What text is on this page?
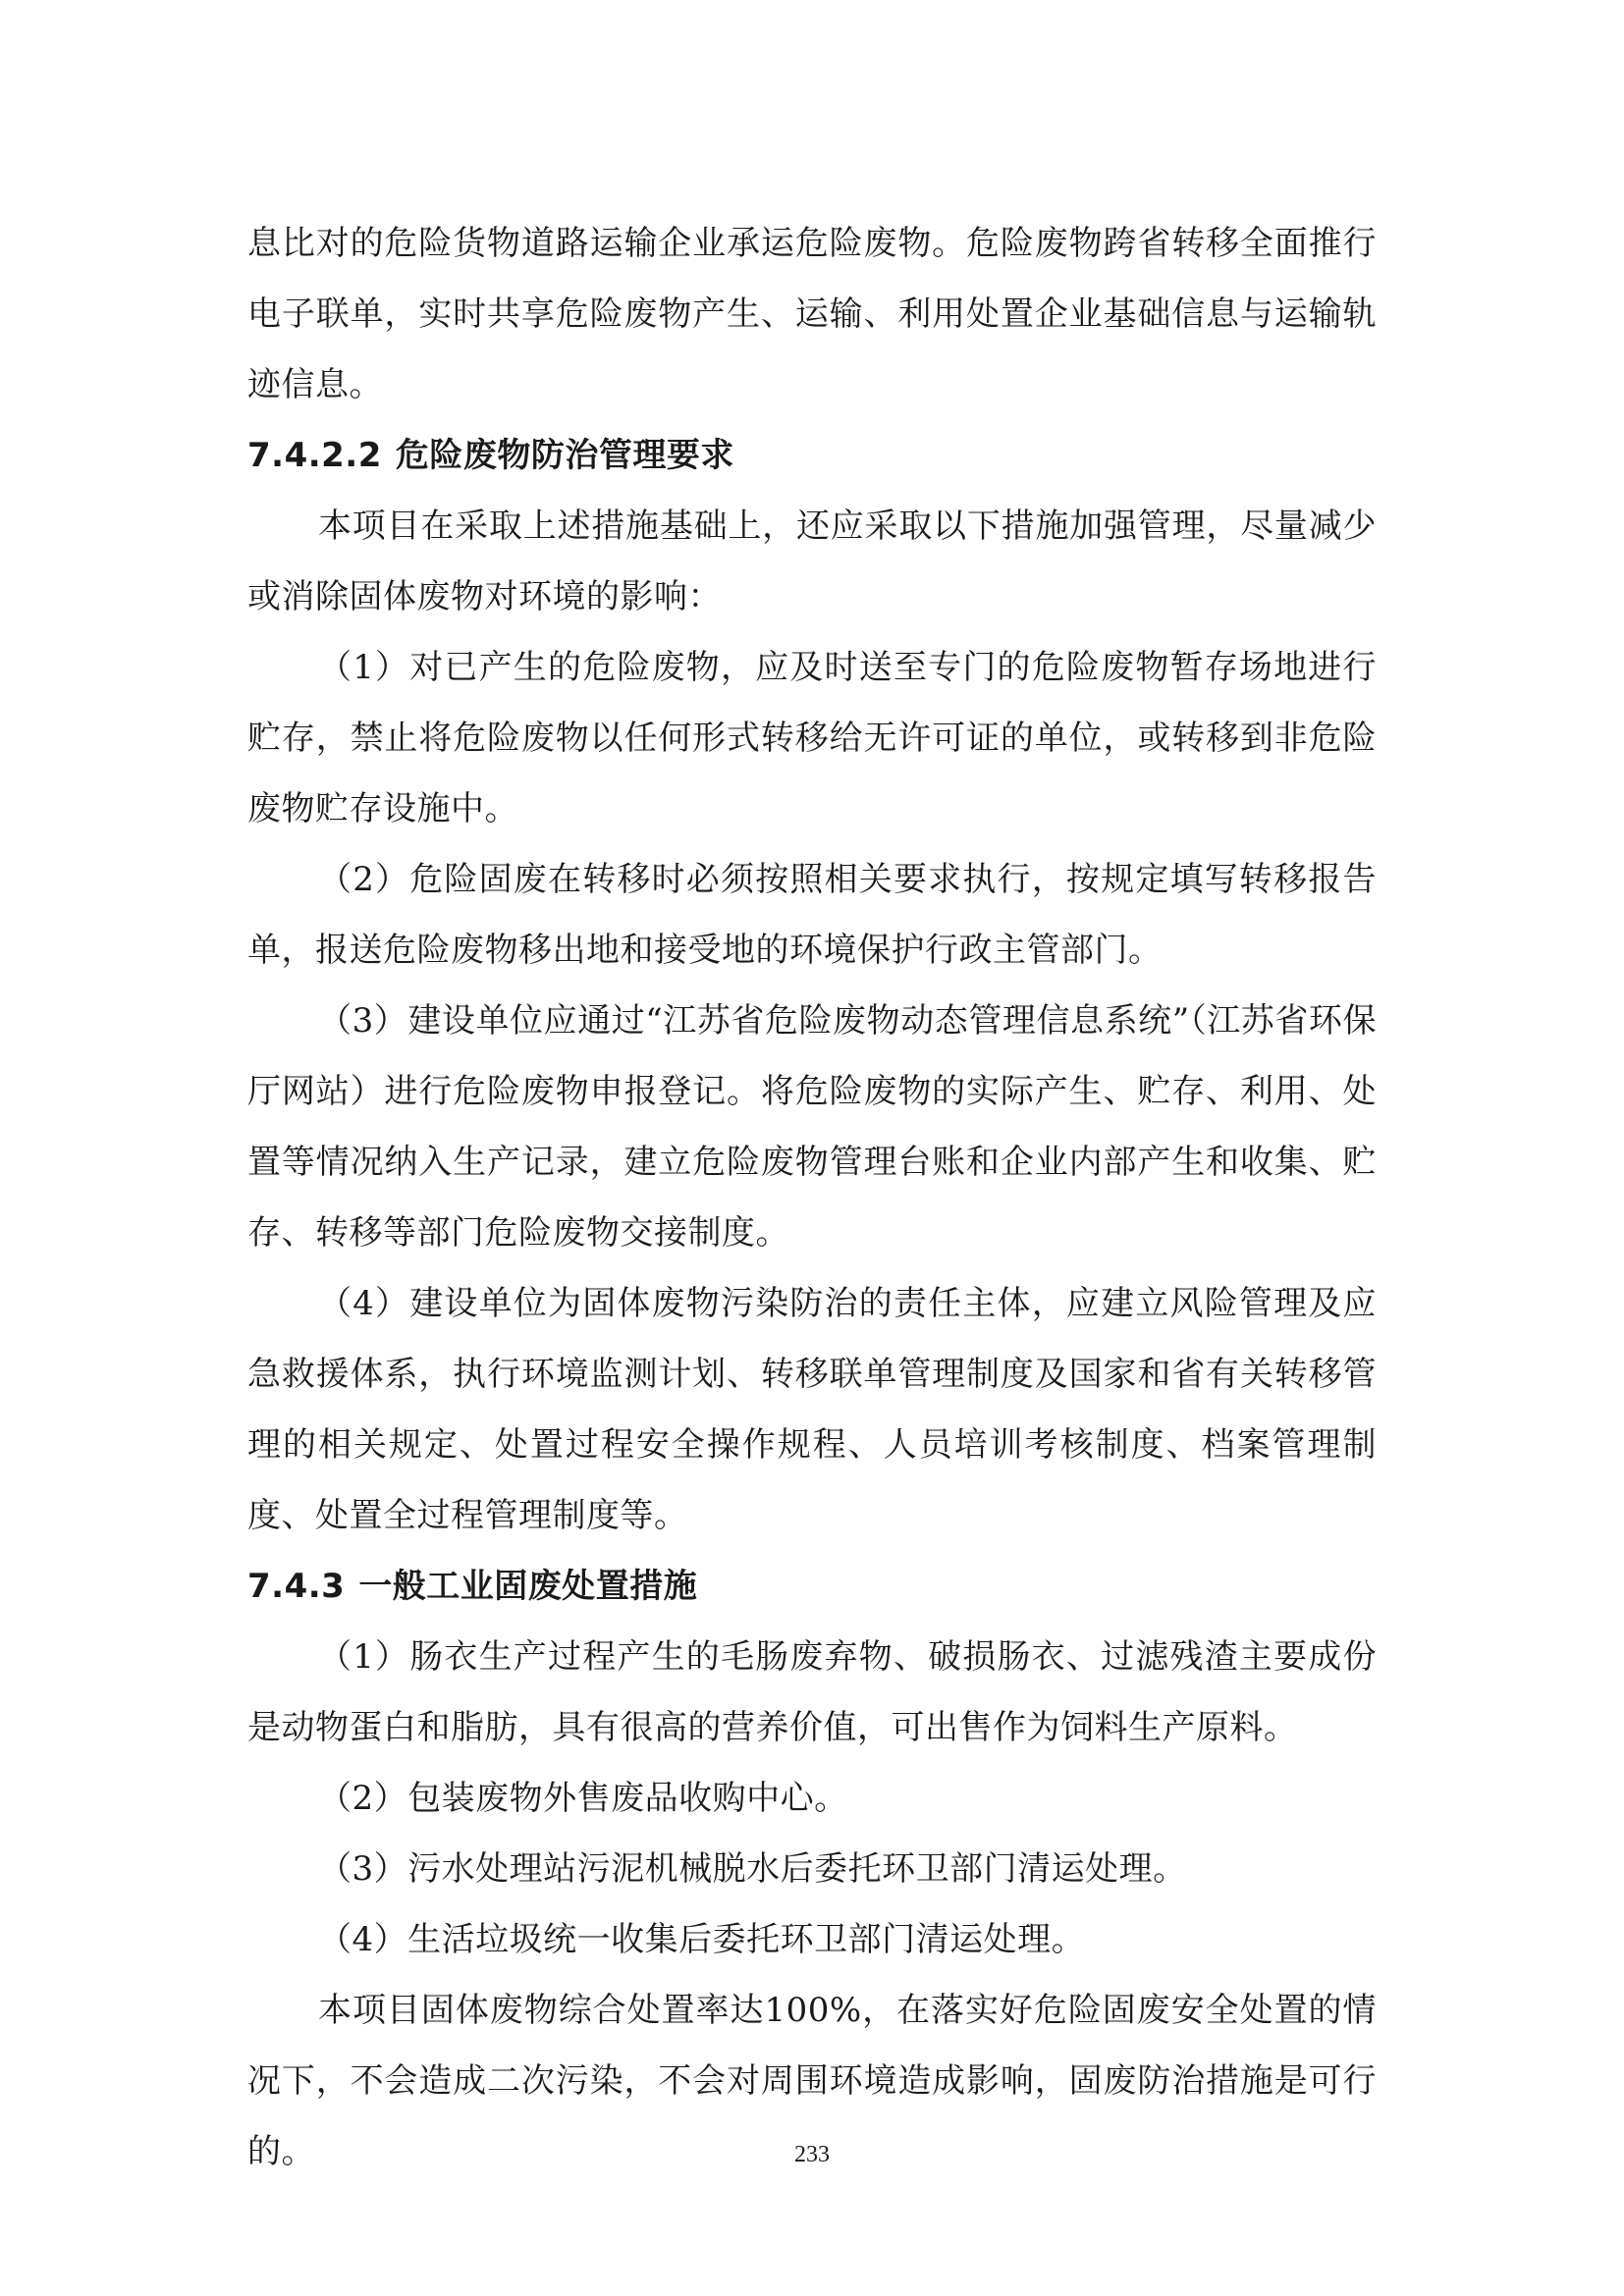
息比对的危险货物道路运输企业承运危险废物。危险废物跨省转移全面推行电子联单，实时共享危险废物产生、运输、利用处置企业基础信息与运输轨迹信息。

7.4.2.2 危险废物防治管理要求

本项目在采取上述措施基础上，还应采取以下措施加强管理，尽量减少或消除固体废物对环境的影响：

（1）对已产生的危险废物，应及时送至专门的危险废物暂存场地进行贮存，禁止将危险废物以任何形式转移给无许可证的单位，或转移到非危险废物贮存设施中。

（2）危险固废在转移时必须按照相关要求执行，按规定填写转移报告单，报送危险废物移出地和接受地的环境保护行政主管部门。

（3）建设单位应通过“江苏省危险废物动态管理信息系统”（江苏省环保厅网站）进行危险废物申报登记。将危险废物的实际产生、贮存、利用、处置等情况纳入生产记录，建立危险废物管理台账和企业内部产生和收集、贮存、转移等部门危险废物交接制度。

（4）建设单位为固体废物污染防治的责任主体，应建立风险管理及应急救援体系，执行环境监测计划、转移联单管理制度及国家和省有关转移管理的相关规定、处置过程安全操作规程、人员培训考核制度、档案管理制度、处置全过程管理制度等。

7.4.3 一般工业固废处置措施

（1）肠衣生产过程产生的毛肠废弃物、破损肠衣、过滤残渣主要成份是动物蛋白和脂肪，具有很高的营养价值，可出售作为饲料生产原料。

（2）包装废物外售废品收购中心。

（3）污水处理站污泥机械脱水后委托环卫部门清运处理。

（4）生活垃圾统一收集后委托环卫部门清运处理。

本项目固体废物综合处置率达100%，在落实好危险固废安全处置的情况下，不会造成二次污染，不会对周围环境造成影响，固废防治措施是可行的。	233
